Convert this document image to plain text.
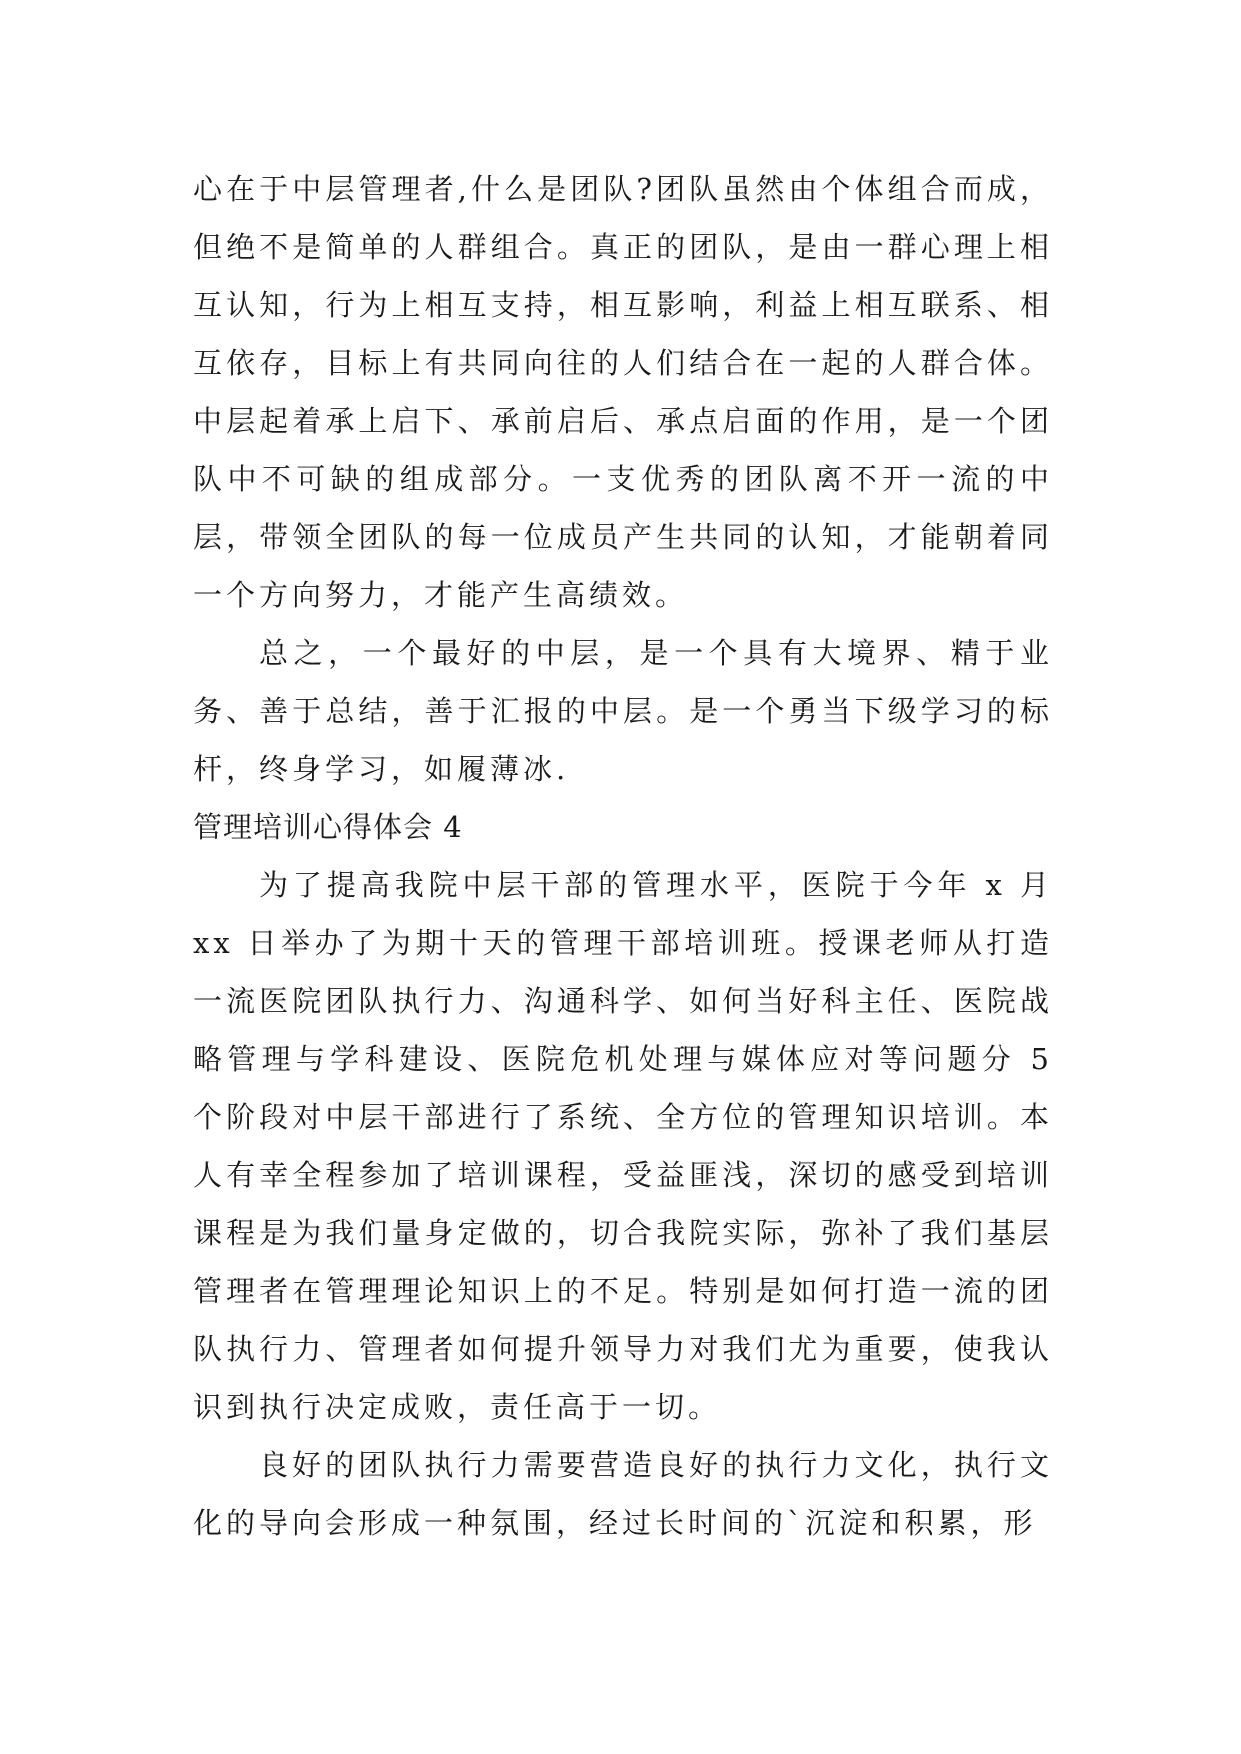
心在于中层管理者,什么是团队?团队虽然由个体组合而成，但绝不是简单的人群组合。真正的团队，是由一群心理上相互认知，行为上相互支持，相互影响，利益上相互联系、相互依存，目标上有共同向往的人们结合在一起的人群合体。中层起着承上启下、承前启后、承点启面的作用，是一个团队中不可缺的组成部分。一支优秀的团队离不开一流的中层，带领全团队的每一位成员产生共同的认知，才能朝着同一个方向努力，才能产生高绩效。

总之，一个最好的中层，是一个具有大境界、精于业务、善于总结，善于汇报的中层。是一个勇当下级学习的标杆，终身学习，如履薄冰.

管理培训心得体会 4

为了提高我院中层干部的管理水平，医院于今年 x 月 xx 日举办了为期十天的管理干部培训班。授课老师从打造一流医院团队执行力、沟通科学、如何当好科主任、医院战略管理与学科建设、医院危机处理与媒体应对等问题分 5 个阶段对中层干部进行了系统、全方位的管理知识培训。本人有幸全程参加了培训课程，受益匪浅，深切的感受到培训课程是为我们量身定做的，切合我院实际，弥补了我们基层管理者在管理理论知识上的不足。特别是如何打造一流的团队执行力、管理者如何提升领导力对我们尤为重要，使我认识到执行决定成败，责任高于一切。

良好的团队执行力需要营造良好的执行力文化，执行文化的导向会形成一种氛围，经过长时间的`沉淀和积累，形
